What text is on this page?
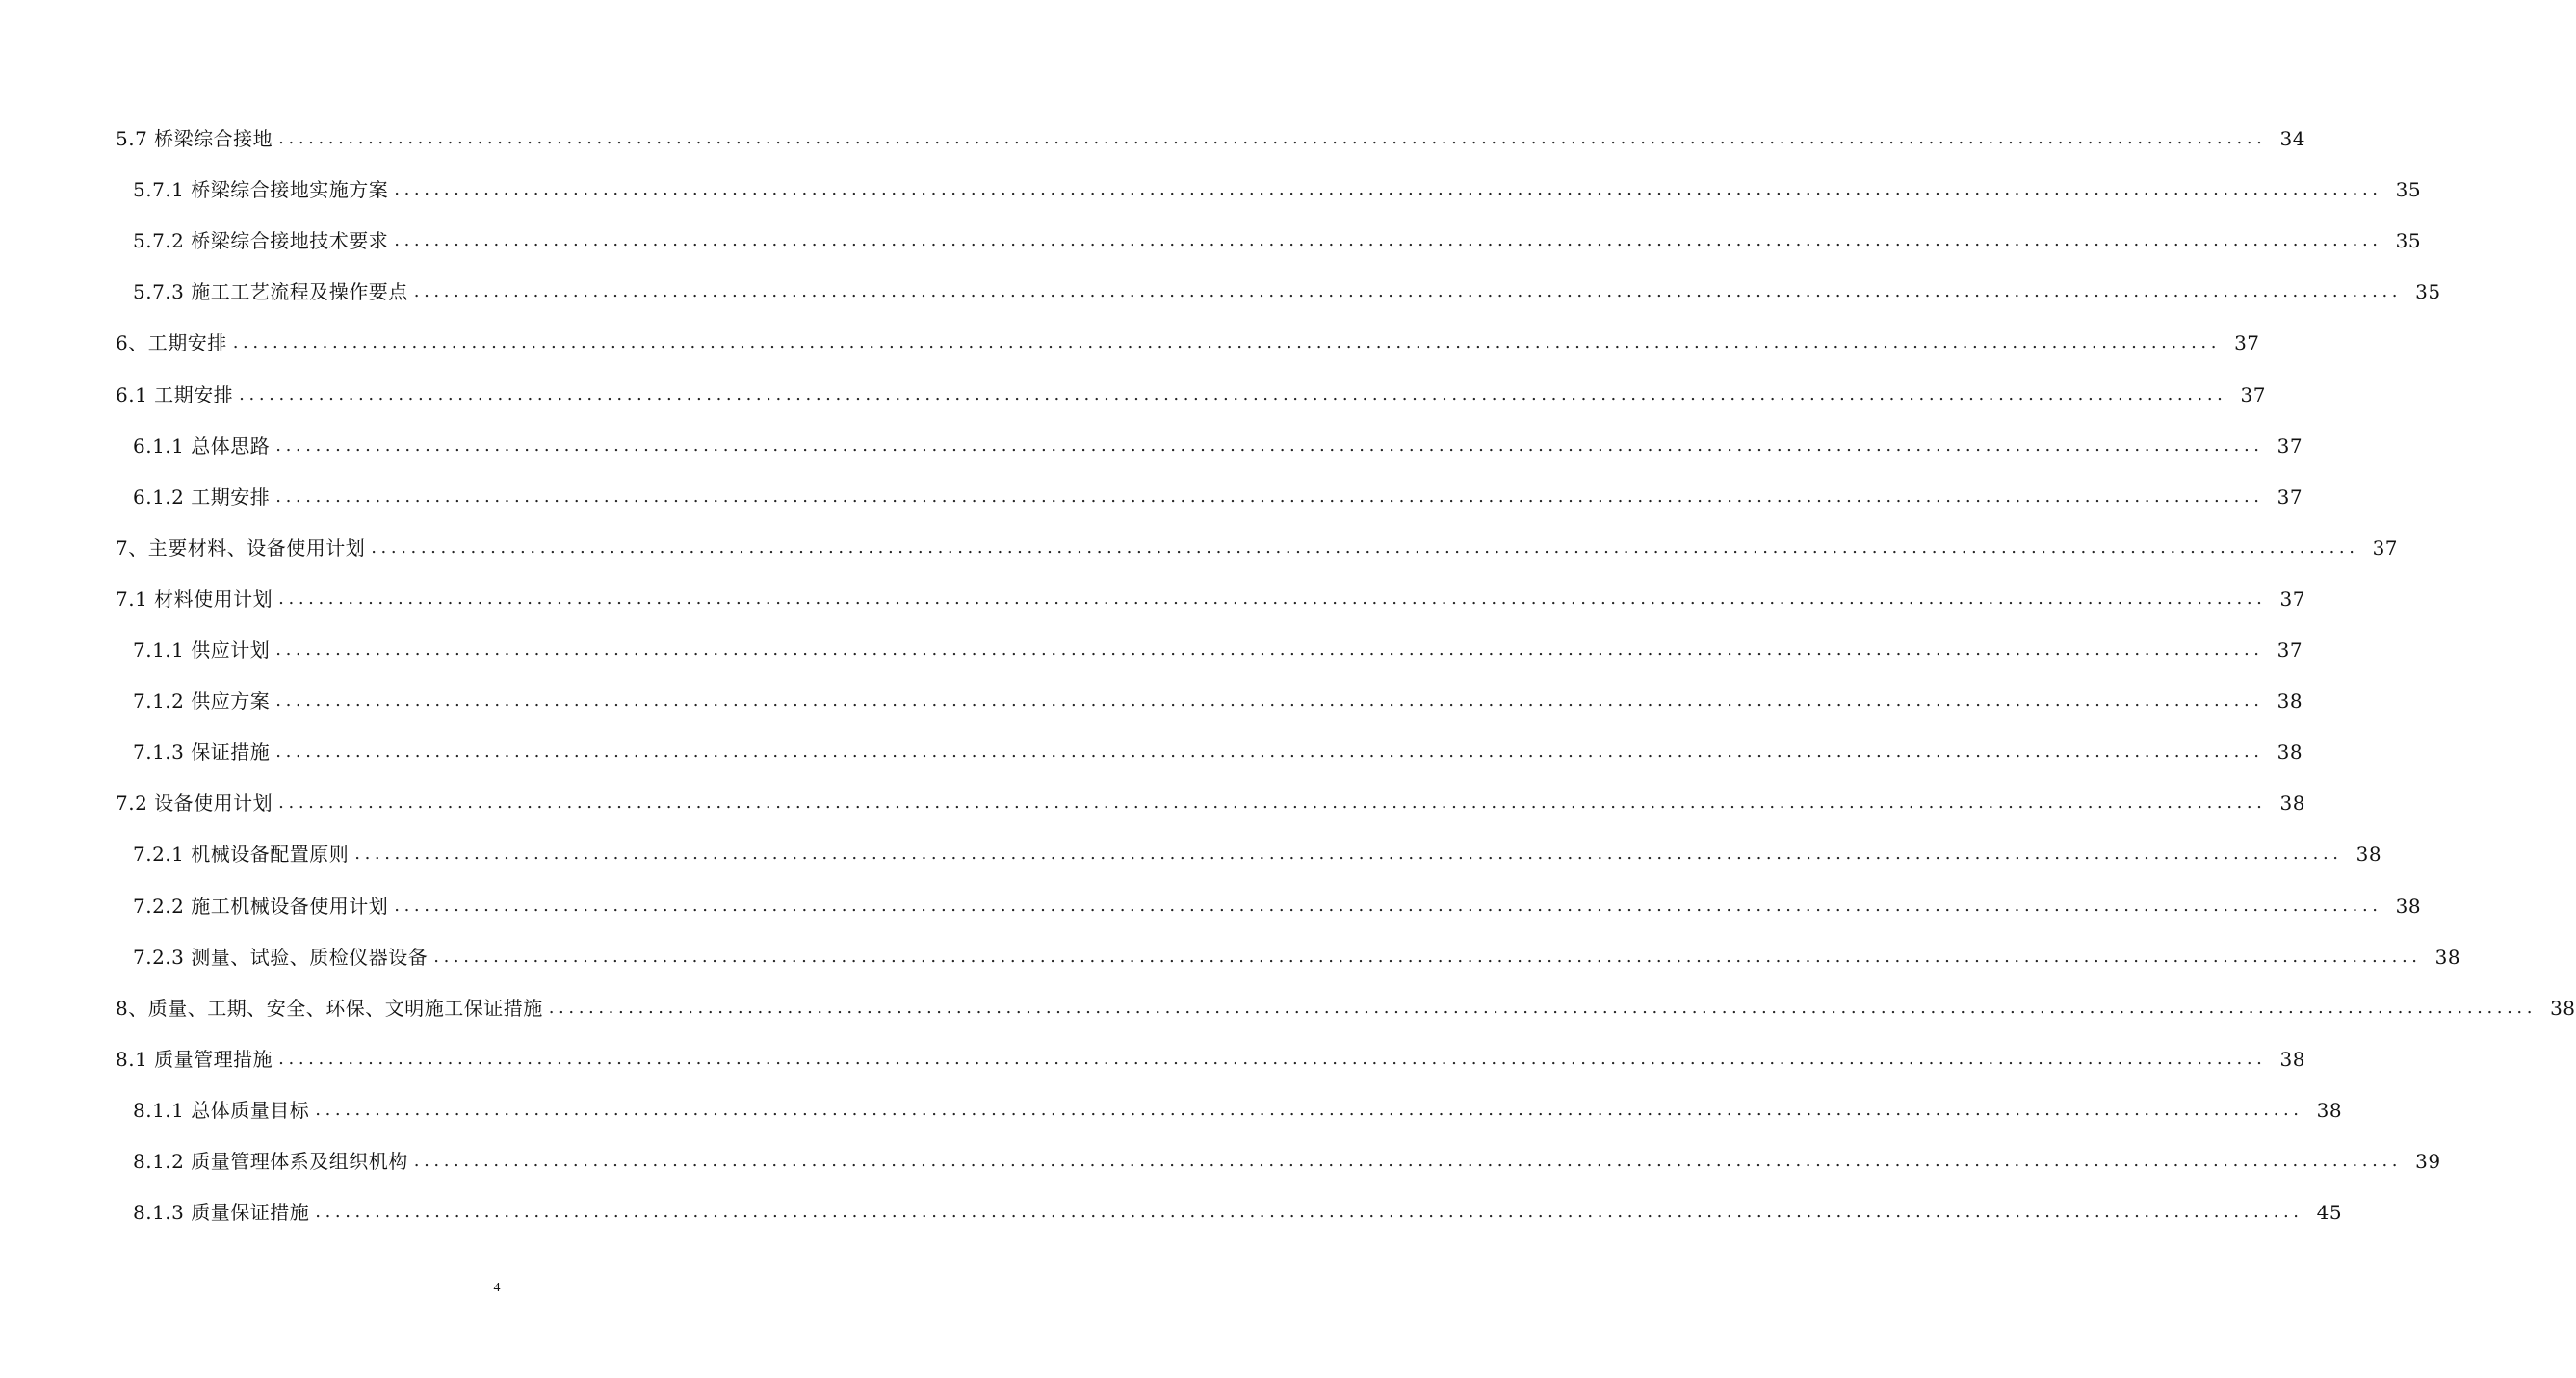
5.7 桥梁综合接地 ........................................................................................................................................................................................................ 34
5.7.1 桥梁综合接地实施方案 ........................................................................................................................................................................................................ 35
5.7.2 桥梁综合接地技术要求 ........................................................................................................................................................................................................ 35
5.7.3 施工工艺流程及操作要点 ........................................................................................................................................................................................................ 35
6、工期安排 ........................................................................................................................................................................................................ 37
6.1 工期安排 ........................................................................................................................................................................................................ 37
6.1.1 总体思路 ........................................................................................................................................................................................................ 37
6.1.2 工期安排 ........................................................................................................................................................................................................ 37
7、主要材料、设备使用计划 ........................................................................................................................................................................................................ 37
7.1 材料使用计划 ........................................................................................................................................................................................................ 37
7.1.1 供应计划 ........................................................................................................................................................................................................ 37
7.1.2 供应方案 ........................................................................................................................................................................................................ 38
7.1.3 保证措施 ........................................................................................................................................................................................................ 38
7.2 设备使用计划 ........................................................................................................................................................................................................ 38
7.2.1 机械设备配置原则 ........................................................................................................................................................................................................ 38
7.2.2 施工机械设备使用计划 ........................................................................................................................................................................................................ 38
7.2.3 测量、试验、质检仪器设备 ........................................................................................................................................................................................................ 38
8、质量、工期、安全、环保、文明施工保证措施 ........................................................................................................................................................................................................ 38
8.1 质量管理措施 ........................................................................................................................................................................................................ 38
8.1.1 总体质量目标 ........................................................................................................................................................................................................ 38
8.1.2 质量管理体系及组织机构 ........................................................................................................................................................................................................ 39
8.1.3 质量保证措施 ........................................................................................................................................................................................................ 45
4
